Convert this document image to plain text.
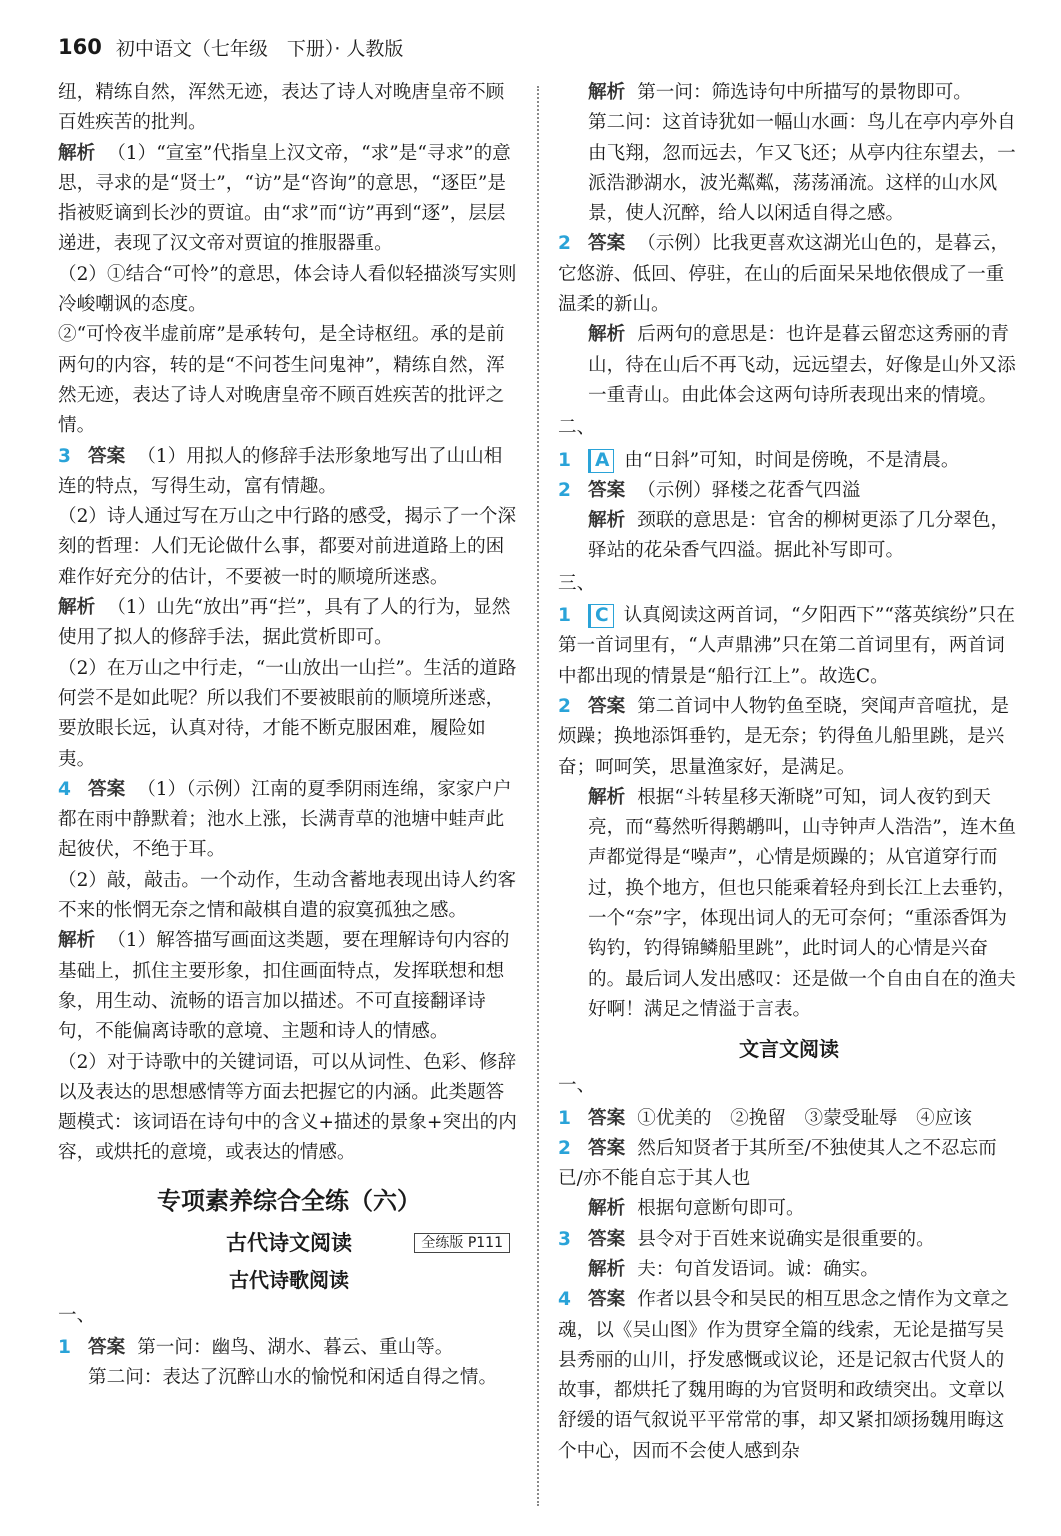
160 初中语文（七年级　下册）· 人教版

纽，精练自然，浑然无迹，表达了诗人对晚唐皇帝不顾百姓疾苦的批判。

解析 （1）“宣室”代指皇上汉文帝，“求”是“寻求”的意思，寻求的是“贤士”，“访”是“咨询”的意思，“逐臣”是指被贬谪到长沙的贾谊。由“求”而“访”再到“逐”，层层递进，表现了汉文帝对贾谊的推服器重。

（2）①结合“可怜”的意思，体会诗人看似轻描淡写实则冷峻嘲讽的态度。

②“可怜夜半虚前席”是承转句，是全诗枢纽。承的是前两句的内容，转的是“不问苍生问鬼神”，精练自然，浑然无迹，表达了诗人对晚唐皇帝不顾百姓疾苦的批评之情。

3 答案 （1）用拟人的修辞手法形象地写出了山山相连的特点，写得生动，富有情趣。

（2）诗人通过写在万山之中行路的感受，揭示了一个深刻的哲理：人们无论做什么事，都要对前进道路上的困难作好充分的估计，不要被一时的顺境所迷惑。

解析 （1）山先“放出”再“拦”，具有了人的行为，显然使用了拟人的修辞手法，据此赏析即可。

（2）在万山之中行走，“一山放出一山拦”。生活的道路何尝不是如此呢？所以我们不要被眼前的顺境所迷惑，要放眼长远，认真对待，才能不断克服困难，履险如夷。

4 答案 （1）（示例）江南的夏季阴雨连绵，家家户户都在雨中静默着；池水上涨，长满青草的池塘中蛙声此起彼伏，不绝于耳。

（2）敲，敲击。一个动作，生动含蓄地表现出诗人约客不来的怅惘无奈之情和敲棋自遣的寂寞孤独之感。

解析 （1）解答描写画面这类题，要在理解诗句内容的基础上，抓住主要形象，扣住画面特点，发挥联想和想象，用生动、流畅的语言加以描述。不可直接翻译诗句，不能偏离诗歌的意境、主题和诗人的情感。

（2）对于诗歌中的关键词语，可以从词性、色彩、修辞以及表达的思想感情等方面去把握它的内涵。此类题答题模式：该词语在诗句中的含义+描述的景象+突出的内容，或烘托的意境，或表达的情感。

专项素养综合全练（六）
古代诗文阅读	全练版 P111
古代诗歌阅读

一、

1 答案 第一问：幽鸟、湖水、暮云、重山等。

第二问：表达了沉醉山水的愉悦和闲适自得之情。

解析 第一问：筛选诗句中所描写的景物即可。

第二问：这首诗犹如一幅山水画：鸟儿在亭内亭外自由飞翔，忽而远去，乍又飞还；从亭内往东望去，一派浩渺湖水，波光粼粼，荡荡涌流。这样的山水风景，使人沉醉，给人以闲适自得之感。

2 答案 （示例）比我更喜欢这湖光山色的，是暮云，它悠游、低回、停驻，在山的后面呆呆地依偎成了一重温柔的新山。

解析 后两句的意思是：也许是暮云留恋这秀丽的青山，待在山后不再飞动，远远望去，好像是山外又添一重青山。由此体会这两句诗所表现出来的情境。

二、

1 A 由“日斜”可知，时间是傍晚，不是清晨。

2 答案 （示例）驿楼之花香气四溢

解析 颈联的意思是：官舍的柳树更添了几分翠色，驿站的花朵香气四溢。据此补写即可。

三、

1 C 认真阅读这两首词，“夕阳西下”“落英缤纷”只在第一首词里有，“人声鼎沸”只在第二首词里有，两首词中都出现的情景是“船行江上”。故选C。

2 答案 第二首词中人物钓鱼至晓，突闻声音喧扰，是烦躁；换地添饵垂钓，是无奈；钓得鱼儿船里跳，是兴奋；呵呵笑，思量渔家好，是满足。

解析 根据“斗转星移天渐晓”可知，词人夜钓到天亮，而“蓦然听得鹅鹕叫，山寺钟声人浩浩”，连木鱼声都觉得是“噪声”，心情是烦躁的；从官道穿行而过，换个地方，但也只能乘着轻舟到长江上去垂钓，一个“奈”字，体现出词人的无可奈何；“重添香饵为钩钓，钓得锦鳞船里跳”，此时词人的心情是兴奋的。最后词人发出感叹：还是做一个自由自在的渔夫好啊！满足之情溢于言表。

文言文阅读

一、

1 答案 ①优美的　②挽留　③蒙受耻辱　④应该

2 答案 然后知贤者于其所至/不独使其人之不忍忘而已/亦不能自忘于其人也

解析 根据句意断句即可。

3 答案 县令对于百姓来说确实是很重要的。

解析 夫：句首发语词。诚：确实。

4 答案 作者以县令和吴民的相互思念之情作为文章之魂，以《吴山图》作为贯穿全篇的线索，无论是描写吴县秀丽的山川，抒发感慨或议论，还是记叙古代贤人的故事，都烘托了魏用晦的为官贤明和政绩突出。文章以舒缓的语气叙说平平常常的事，却又紧扣颂扬魏用晦这个中心，因而不会使人感到杂
